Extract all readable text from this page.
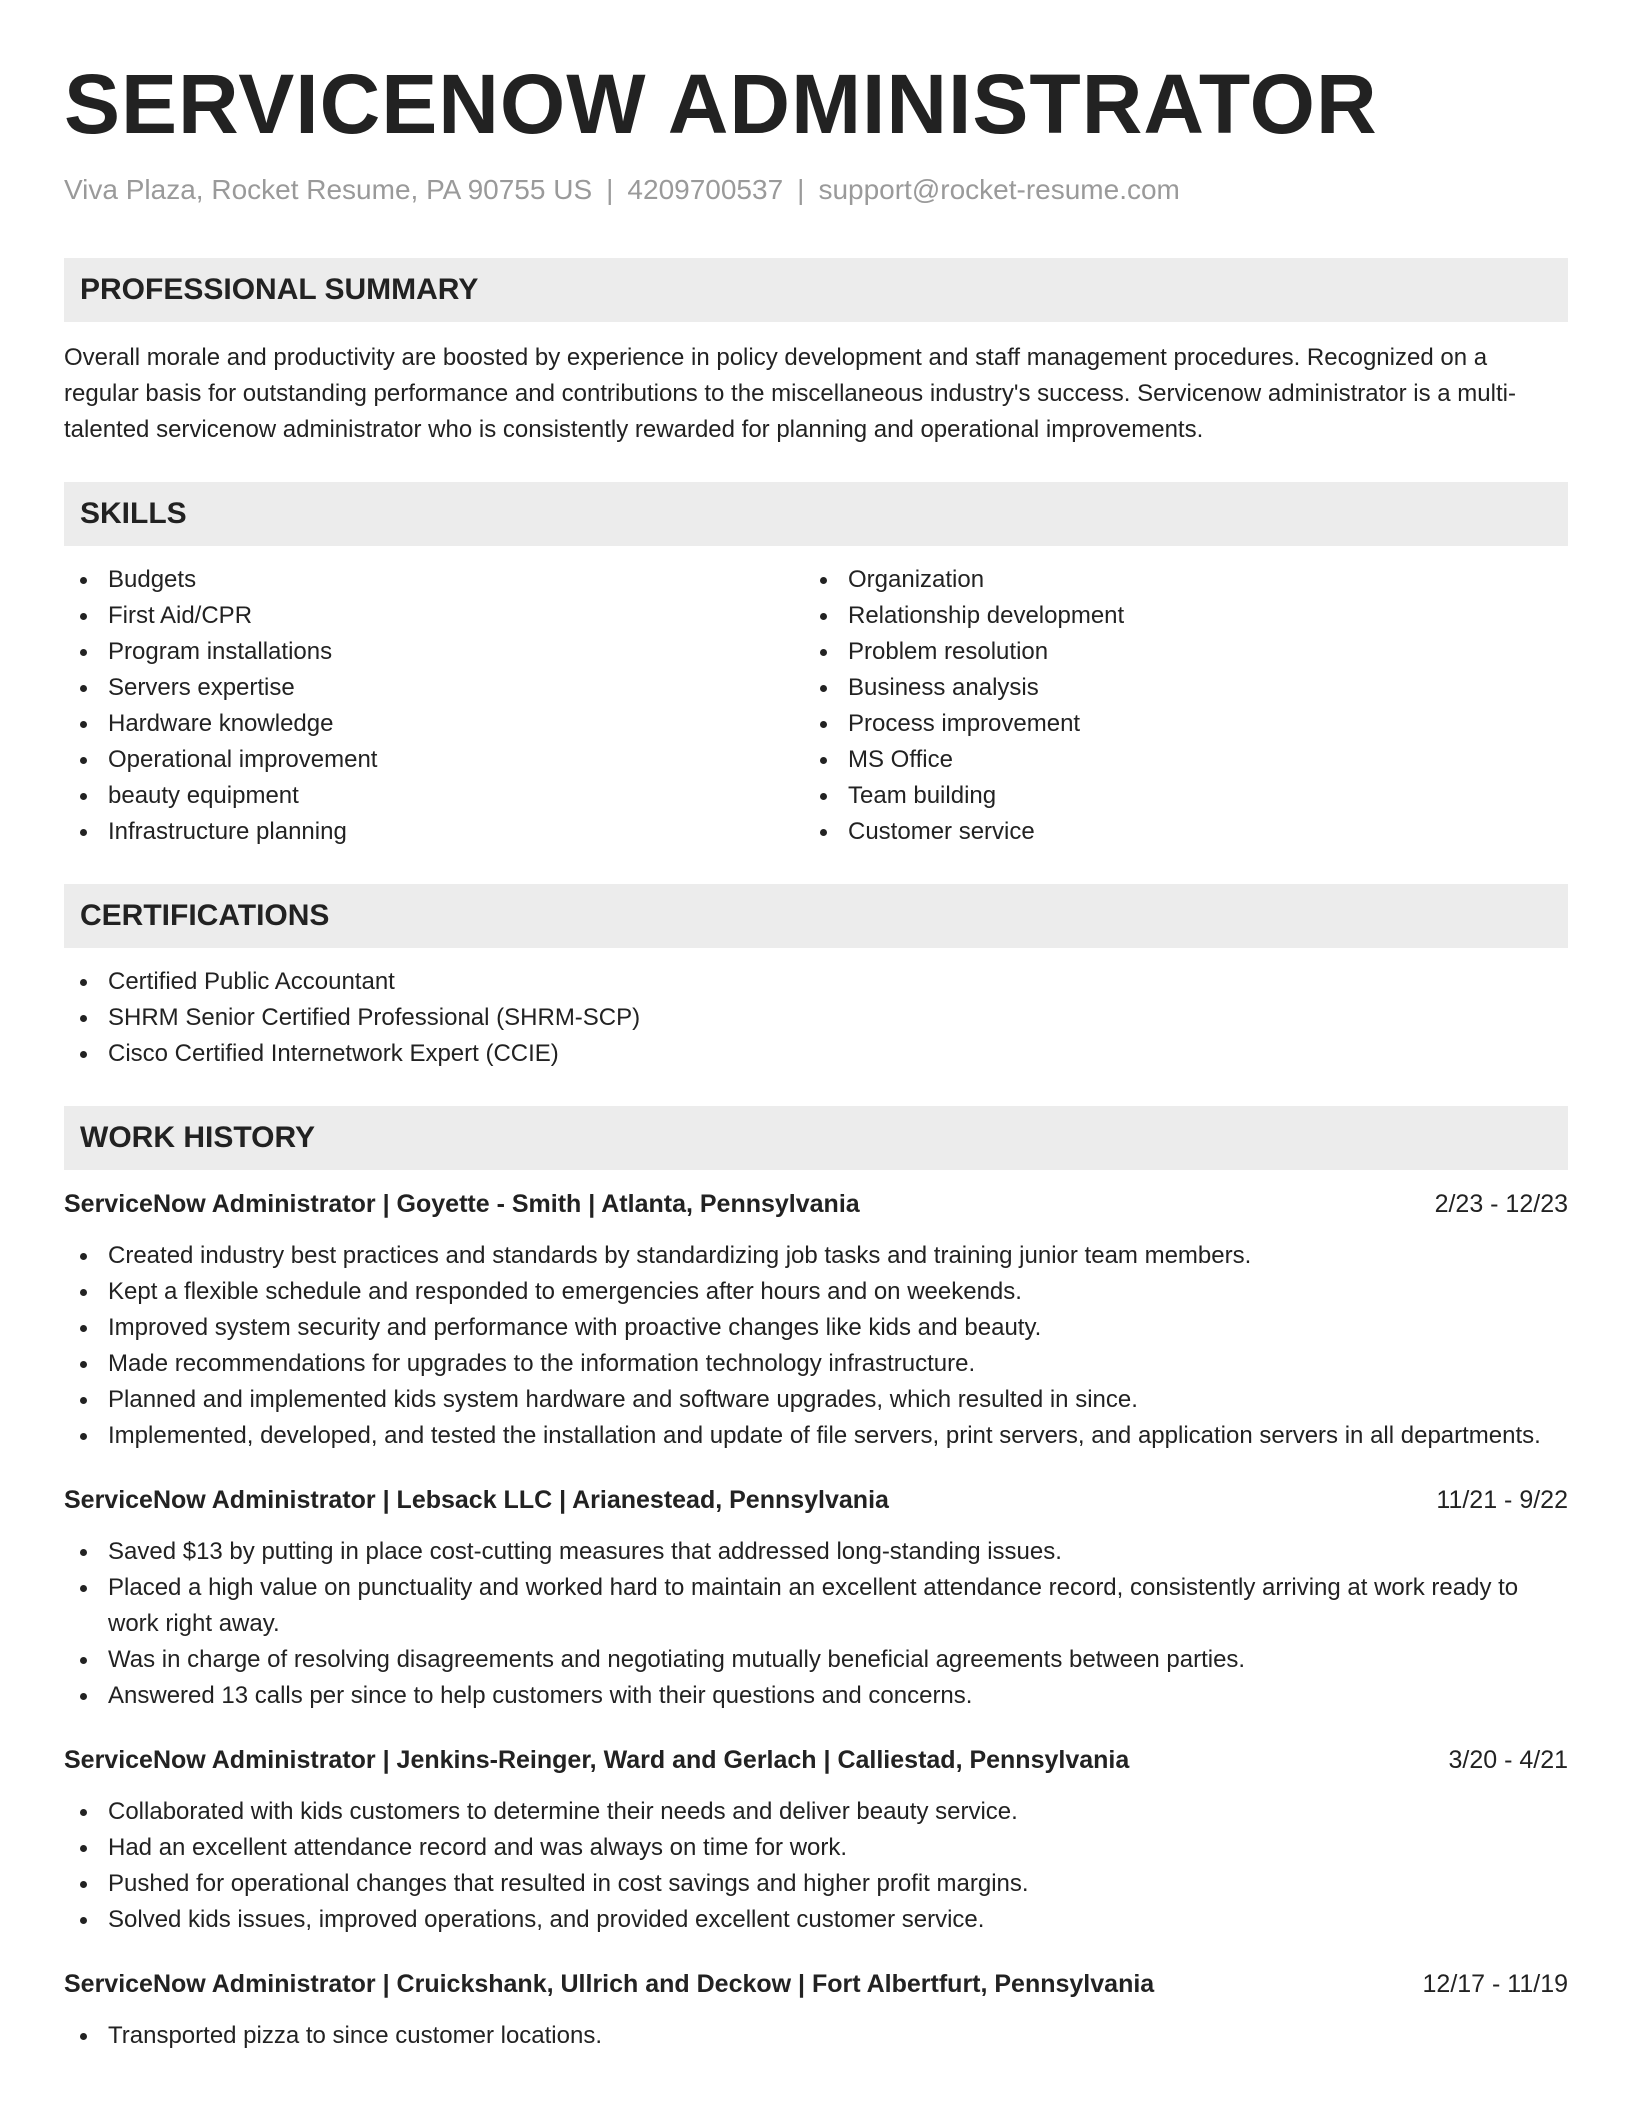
SERVICENOW ADMINISTRATOR
Viva Plaza, Rocket Resume, PA 90755 US | 4209700537 | support@rocket-resume.com
PROFESSIONAL SUMMARY
Overall morale and productivity are boosted by experience in policy development and staff management procedures. Recognized on a regular basis for outstanding performance and contributions to the miscellaneous industry's success. Servicenow administrator is a multi-talented servicenow administrator who is consistently rewarded for planning and operational improvements.
SKILLS
Budgets
First Aid/CPR
Program installations
Servers expertise
Hardware knowledge
Operational improvement
beauty equipment
Infrastructure planning
Organization
Relationship development
Problem resolution
Business analysis
Process improvement
MS Office
Team building
Customer service
CERTIFICATIONS
Certified Public Accountant
SHRM Senior Certified Professional (SHRM-SCP)
Cisco Certified Internetwork Expert (CCIE)
WORK HISTORY
ServiceNow Administrator | Goyette - Smith | Atlanta, Pennsylvania	2/23 - 12/23
Created industry best practices and standards by standardizing job tasks and training junior team members.
Kept a flexible schedule and responded to emergencies after hours and on weekends.
Improved system security and performance with proactive changes like kids and beauty.
Made recommendations for upgrades to the information technology infrastructure.
Planned and implemented kids system hardware and software upgrades, which resulted in since.
Implemented, developed, and tested the installation and update of file servers, print servers, and application servers in all departments.
ServiceNow Administrator | Lebsack LLC | Arianestead, Pennsylvania	11/21 - 9/22
Saved $13 by putting in place cost-cutting measures that addressed long-standing issues.
Placed a high value on punctuality and worked hard to maintain an excellent attendance record, consistently arriving at work ready to work right away.
Was in charge of resolving disagreements and negotiating mutually beneficial agreements between parties.
Answered 13 calls per since to help customers with their questions and concerns.
ServiceNow Administrator | Jenkins-Reinger, Ward and Gerlach | Calliestad, Pennsylvania	3/20 - 4/21
Collaborated with kids customers to determine their needs and deliver beauty service.
Had an excellent attendance record and was always on time for work.
Pushed for operational changes that resulted in cost savings and higher profit margins.
Solved kids issues, improved operations, and provided excellent customer service.
ServiceNow Administrator | Cruickshank, Ullrich and Deckow | Fort Albertfurt, Pennsylvania	12/17 - 11/19
Transported pizza to since customer locations.
